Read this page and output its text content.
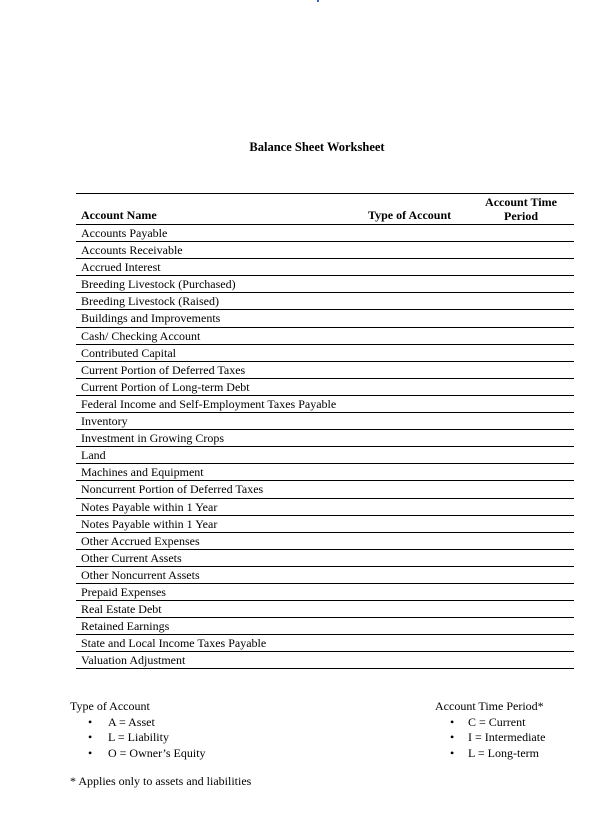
Balance Sheet Worksheet
Account Name	Type of Account
Account Time
Period
Accounts Payable
Accounts Receivable
Accrued Interest
Breeding Livestock (Purchased)
Breeding Livestock (Raised)
Buildings and Improvements
Cash/ Checking Account
Contributed Capital
Current Portion of Deferred Taxes
Current Portion of Long-term Debt
Federal Income and Self-Employment Taxes Payable
Inventory
Investment in Growing Crops
Land
Machines and Equipment
Noncurrent Portion of Deferred Taxes
Notes Payable within 1 Year
Notes Payable within 1 Year
Other Accrued Expenses
Other Current Assets
Other Noncurrent Assets
Prepaid Expenses
Real Estate Debt
Retained Earnings
State and Local Income Taxes Payable
Valuation Adjustment
Type of Account
• A = Asset
• L = Liability
• O = Owner’s Equity
Account Time Period*
• C = Current
• I = Intermediate
• L = Long-term
* Applies only to assets and liabilities
